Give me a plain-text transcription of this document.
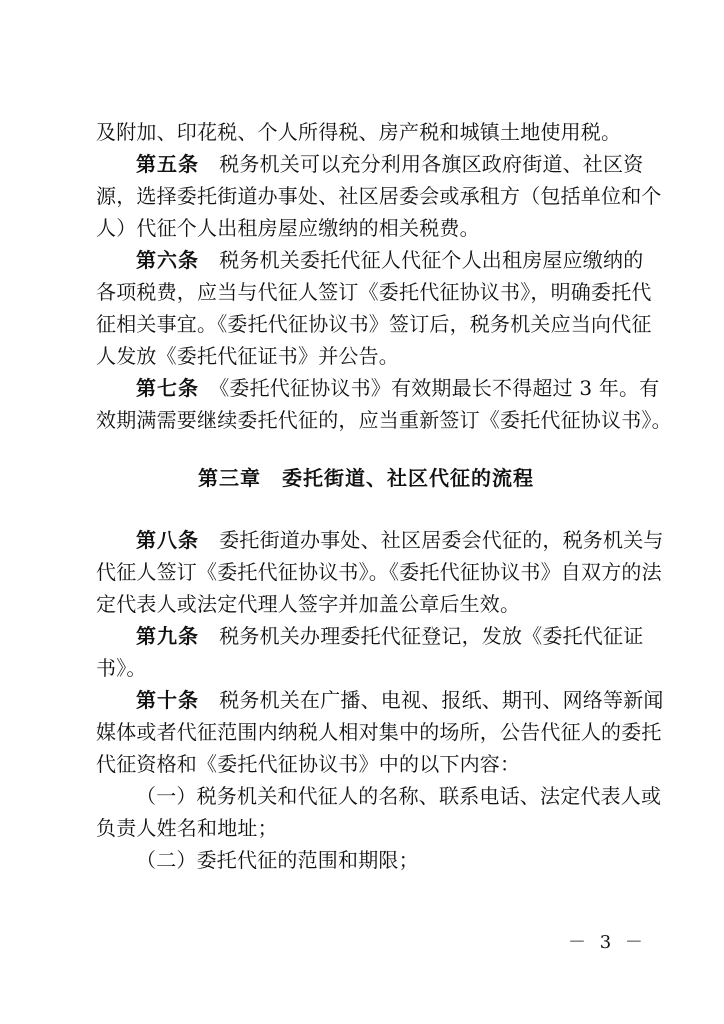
及附加、印花税、个人所得税、房产税和城镇土地使用税。
第五条　税务机关可以充分利用各旗区政府街道、社区资
源，选择委托街道办事处、社区居委会或承租方（包括单位和个
人）代征个人出租房屋应缴纳的相关税费。
第六条　税务机关委托代征人代征个人出租房屋应缴纳的
各项税费，应当与代征人签订《委托代征协议书》，明确委托代
征相关事宜。《委托代征协议书》签订后，税务机关应当向代征
人发放《委托代征证书》并公告。
第七条　《委托代征协议书》有效期最长不得超过 3 年。有
效期满需要继续委托代征的，应当重新签订《委托代征协议书》。
第三章　委托街道、社区代征的流程
第八条　委托街道办事处、社区居委会代征的，税务机关与
代征人签订《委托代征协议书》。《委托代征协议书》自双方的法
定代表人或法定代理人签字并加盖公章后生效。
第九条　税务机关办理委托代征登记，发放《委托代征证
书》。
第十条　税务机关在广播、电视、报纸、期刊、网络等新闻
媒体或者代征范围内纳税人相对集中的场所，公告代征人的委托
代征资格和《委托代征协议书》中的以下内容：
（一）税务机关和代征人的名称、联系电话、法定代表人或
负责人姓名和地址；
（二）委托代征的范围和期限；
－ 3 －
